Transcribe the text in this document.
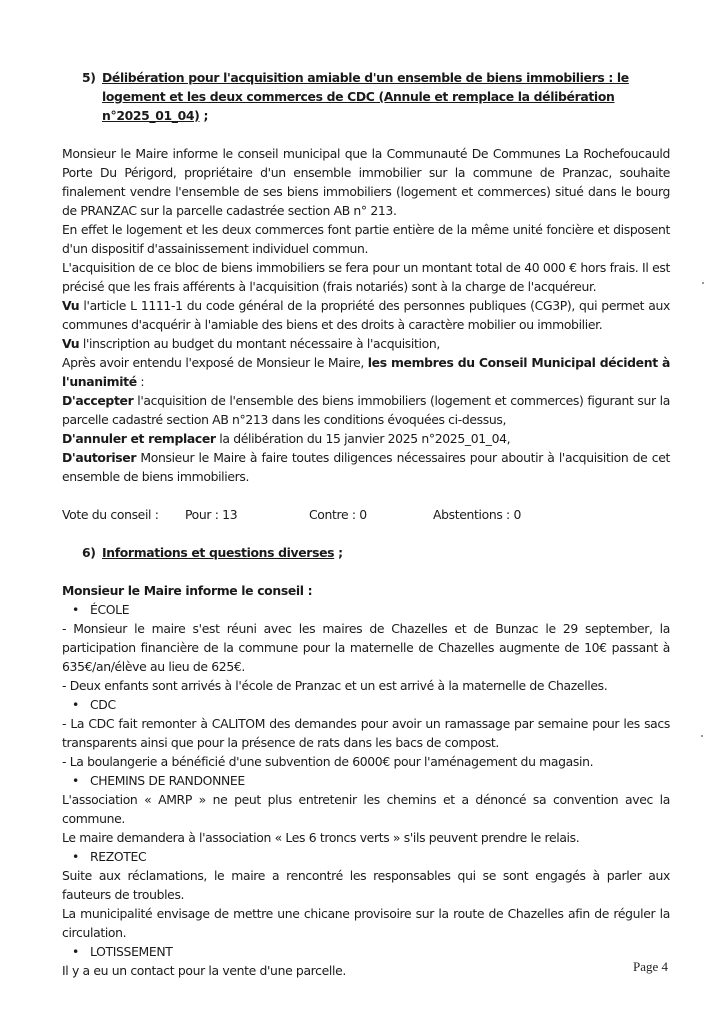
5) Délibération pour l'acquisition amiable d'un ensemble de biens immobiliers : le logement et les deux commerces de CDC (Annule et remplace la délibération n°2025_01_04) ;

Monsieur le Maire informe le conseil municipal que la Communauté De Communes La Rochefoucauld Porte Du Périgord, propriétaire d'un ensemble immobilier sur la commune de Pranzac, souhaite finalement vendre l'ensemble de ses biens immobiliers (logement et commerces) situé dans le bourg de PRANZAC sur la parcelle cadastrée section AB n° 213.

En effet le logement et les deux commerces font partie entière de la même unité foncière et disposent d'un dispositif d'assainissement individuel commun.

L'acquisition de ce bloc de biens immobiliers se fera pour un montant total de 40 000 € hors frais. Il est précisé que les frais afférents à l'acquisition (frais notariés) sont à la charge de l'acquéreur.

Vu l'article L 1111-1 du code général de la propriété des personnes publiques (CG3P), qui permet aux communes d'acquérir à l'amiable des biens et des droits à caractère mobilier ou immobilier.

Vu l'inscription au budget du montant nécessaire à l'acquisition,

Après avoir entendu l'exposé de Monsieur le Maire, les membres du Conseil Municipal décident à l'unanimité :

D'accepter l'acquisition de l'ensemble des biens immobiliers (logement et commerces) figurant sur la parcelle cadastré section AB n°213 dans les conditions évoquées ci-dessus,

D'annuler et remplacer la délibération du 15 janvier 2025 n°2025_01_04,

D'autoriser Monsieur le Maire à faire toutes diligences nécessaires pour aboutir à l'acquisition de cet ensemble de biens immobiliers.

Vote du conseil :	Pour : 13	Contre : 0	Abstentions : 0
6) Informations et questions diverses ;

Monsieur le Maire informe le conseil :

• ÉCOLE

- Monsieur le maire s'est réuni avec les maires de Chazelles et de Bunzac le 29 september, la participation financière de la commune pour la maternelle de Chazelles augmente de 10€ passant à 635€/an/élève au lieu de 625€.

- Deux enfants sont arrivés à l'école de Pranzac et un est arrivé à la maternelle de Chazelles.

• CDC

- La CDC fait remonter à CALITOM des demandes pour avoir un ramassage par semaine pour les sacs transparents ainsi que pour la présence de rats dans les bacs de compost.

- La boulangerie a bénéficié d'une subvention de 6000€ pour l'aménagement du magasin.

• CHEMINS DE RANDONNEE

L'association « AMRP » ne peut plus entretenir les chemins et a dénoncé sa convention avec la commune.

Le maire demandera à l'association « Les 6 troncs verts » s'ils peuvent prendre le relais.

• REZOTEC

Suite aux réclamations, le maire a rencontré les responsables qui se sont engagés à parler aux fauteurs de troubles.

La municipalité envisage de mettre une chicane provisoire sur la route de Chazelles afin de réguler la circulation.

• LOTISSEMENT

Il y a eu un contact pour la vente d'une parcelle.	Page 4
